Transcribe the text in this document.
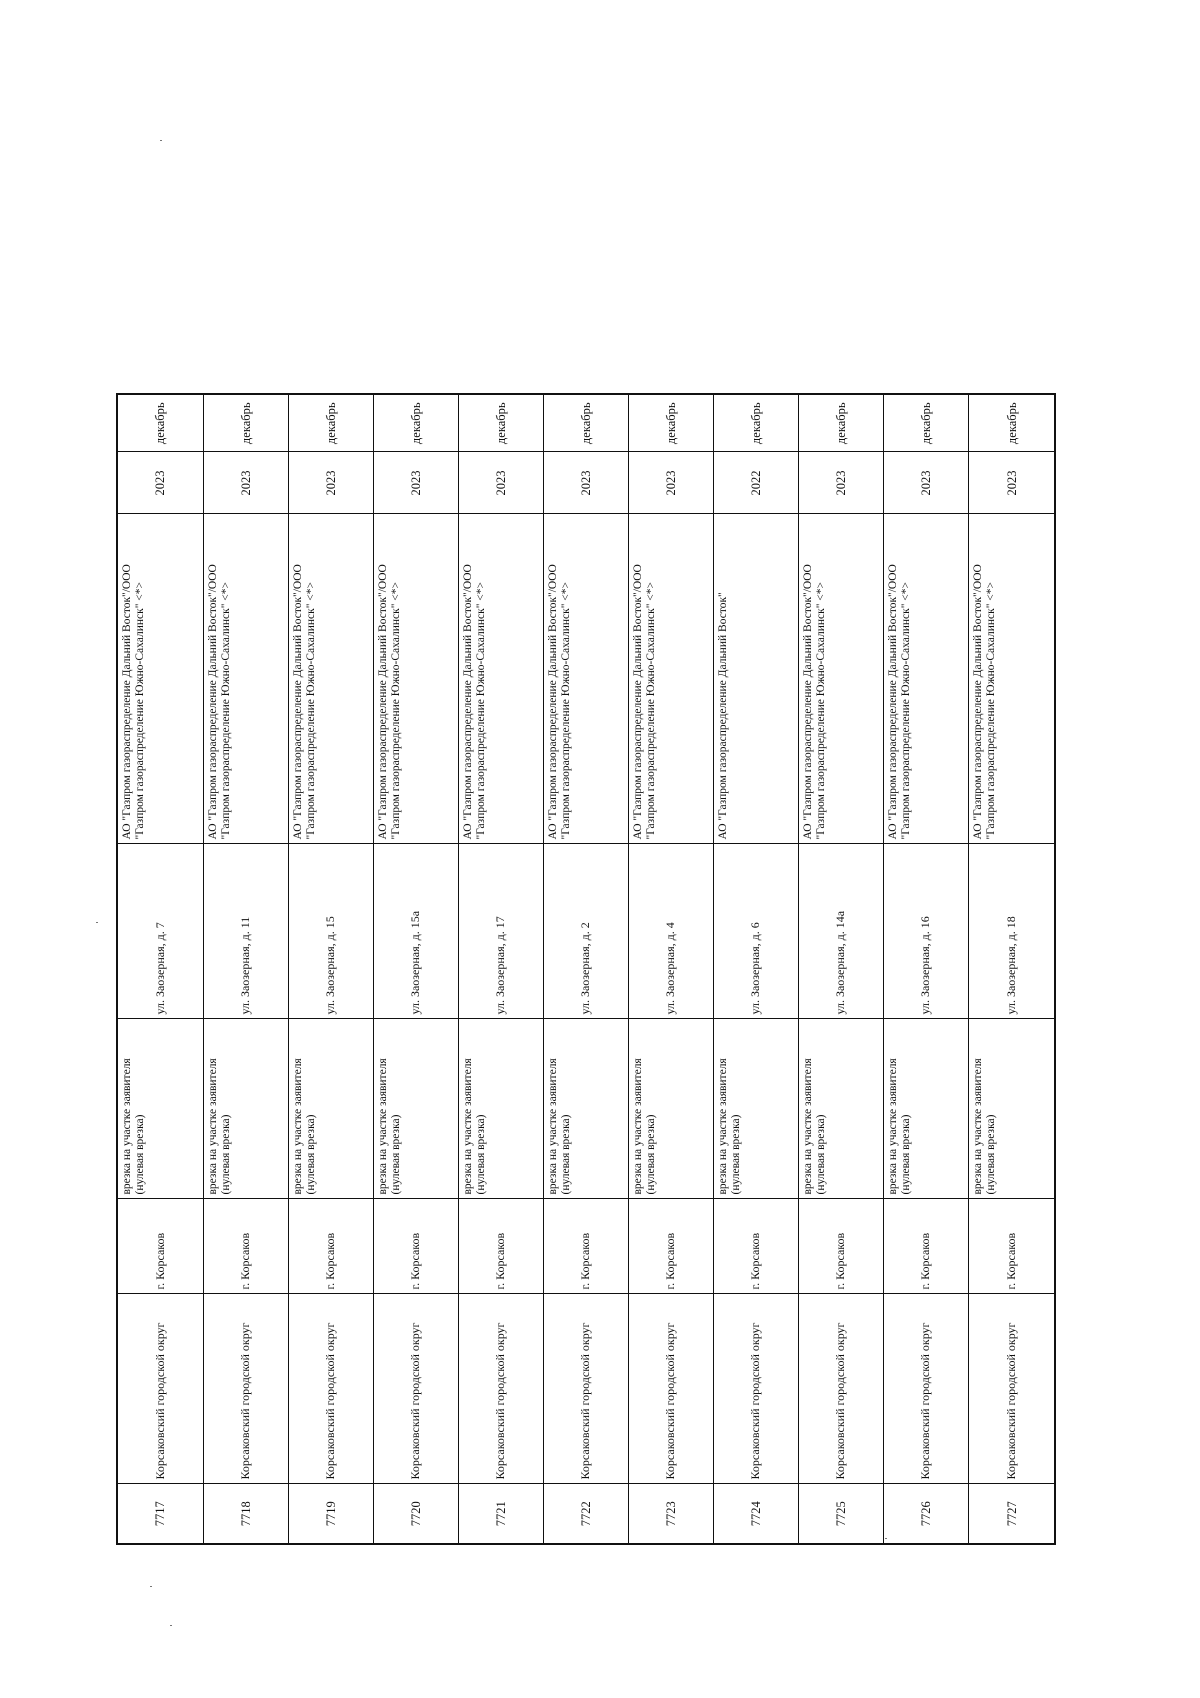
7717	Корсаковский городской округ	г. Корсаков	врезка на участке заявителя (нулевая врезка)	ул. Заозерная, д. 7	АО "Газпром газораспределение Дальний Восток"/ООО "Газпром газораспределение Южно-Сахалинск" <*>	2023	декабрь
7718	Корсаковский городской округ	г. Корсаков	врезка на участке заявителя (нулевая врезка)	ул. Заозерная, д. 11	АО "Газпром газораспределение Дальний Восток"/ООО "Газпром газораспределение Южно-Сахалинск" <*>	2023	декабрь
7719	Корсаковский городской округ	г. Корсаков	врезка на участке заявителя (нулевая врезка)	ул. Заозерная, д. 15	АО "Газпром газораспределение Дальний Восток"/ООО "Газпром газораспределение Южно-Сахалинск" <*>	2023	декабрь
7720	Корсаковский городской округ	г. Корсаков	врезка на участке заявителя (нулевая врезка)	ул. Заозерная, д. 15а	АО "Газпром газораспределение Дальний Восток"/ООО "Газпром газораспределение Южно-Сахалинск" <*>	2023	декабрь
7721	Корсаковский городской округ	г. Корсаков	врезка на участке заявителя (нулевая врезка)	ул. Заозерная, д. 17	АО "Газпром газораспределение Дальний Восток"/ООО "Газпром газораспределение Южно-Сахалинск" <*>	2023	декабрь
7722	Корсаковский городской округ	г. Корсаков	врезка на участке заявителя (нулевая врезка)	ул. Заозерная, д. 2	АО "Газпром газораспределение Дальний Восток"/ООО "Газпром газораспределение Южно-Сахалинск" <*>	2023	декабрь
7723	Корсаковский городской округ	г. Корсаков	врезка на участке заявителя (нулевая врезка)	ул. Заозерная, д. 4	АО "Газпром газораспределение Дальний Восток"/ООО "Газпром газораспределение Южно-Сахалинск" <*>	2023	декабрь
7724	Корсаковский городской округ	г. Корсаков	врезка на участке заявителя (нулевая врезка)	ул. Заозерная, д. 6	АО "Газпром газораспределение Дальний Восток"	2022	декабрь
7725	Корсаковский городской округ	г. Корсаков	врезка на участке заявителя (нулевая врезка)	ул. Заозерная, д. 14а	АО "Газпром газораспределение Дальний Восток"/ООО "Газпром газораспределение Южно-Сахалинск" <*>	2023	декабрь
7726	Корсаковский городской округ	г. Корсаков	врезка на участке заявителя (нулевая врезка)	ул. Заозерная, д. 16	АО "Газпром газораспределение Дальний Восток"/ООО "Газпром газораспределение Южно-Сахалинск" <*>	2023	декабрь
7727	Корсаковский городской округ	г. Корсаков	врезка на участке заявителя (нулевая врезка)	ул. Заозерная, д. 18	АО "Газпром газораспределение Дальний Восток"/ООО "Газпром газораспределение Южно-Сахалинск" <*>	2023	декабрь
